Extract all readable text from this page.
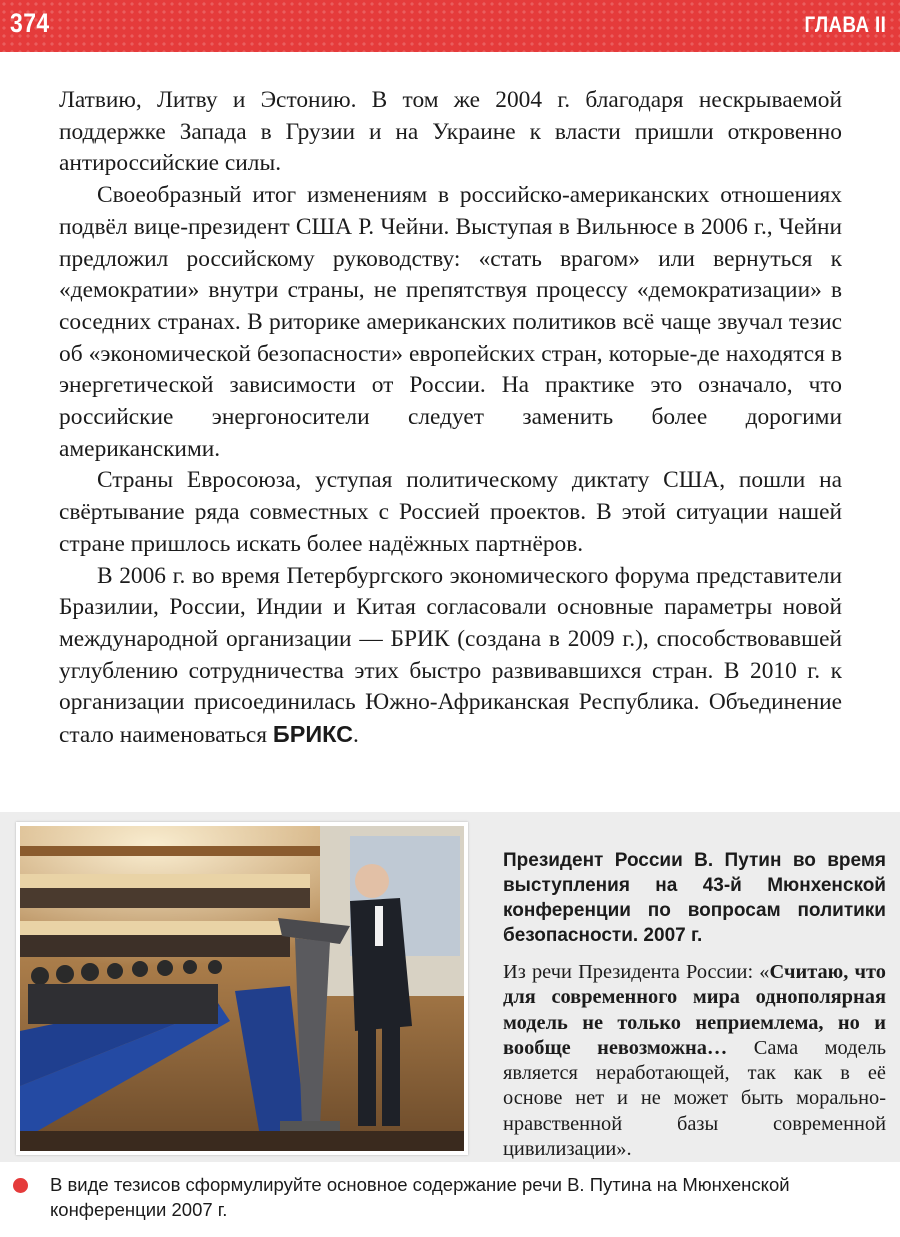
374	ГЛАВА II

Латвию, Литву и Эстонию. В том же 2004 г. благодаря нескрываемой поддержке Запада в Грузии и на Украине к власти пришли откровенно антироссийские силы.

Своеобразный итог изменениям в российско-американских отношениях подвёл вице-президент США Р. Чейни. Выступая в Вильнюсе в 2006 г., Чейни предложил российскому руководству: «стать врагом» или вернуться к «демократии» внутри страны, не препятствуя процессу «демократизации» в соседних странах. В риторике американских политиков всё чаще звучал тезис об «экономической безопасности» европейских стран, которые-де находятся в энергетической зависимости от России. На практике это означало, что российские энергоносители следует заменить более дорогими американскими.

Страны Евросоюза, уступая политическому диктату США, пошли на свёртывание ряда совместных с Россией проектов. В этой ситуации нашей стране пришлось искать более надёжных партнёров.

В 2006 г. во время Петербургского экономического форума представители Бразилии, России, Индии и Китая согласовали основные параметры новой международной организации — БРИК (создана в 2009 г.), способствовавшей углублению сотрудничества этих быстро развивавшихся стран. В 2010 г. к организации присоединилась Южно-Африканская Республика. Объединение стало наименоваться БРИКС.

Президент России В. Путин во время выступления на 43-й Мюнхенской конференции по вопросам политики безопасности. 2007 г.
Из речи Президента России: «Считаю, что для современного мира однополярная модель не только неприемлема, но и вообще невозможна… Сама модель является неработающей, так как в её основе нет и не может быть морально-нравственной базы современной цивилизации».
В виде тезисов сформулируйте основное содержание речи В. Путина на Мюнхенской конференции 2007 г.
